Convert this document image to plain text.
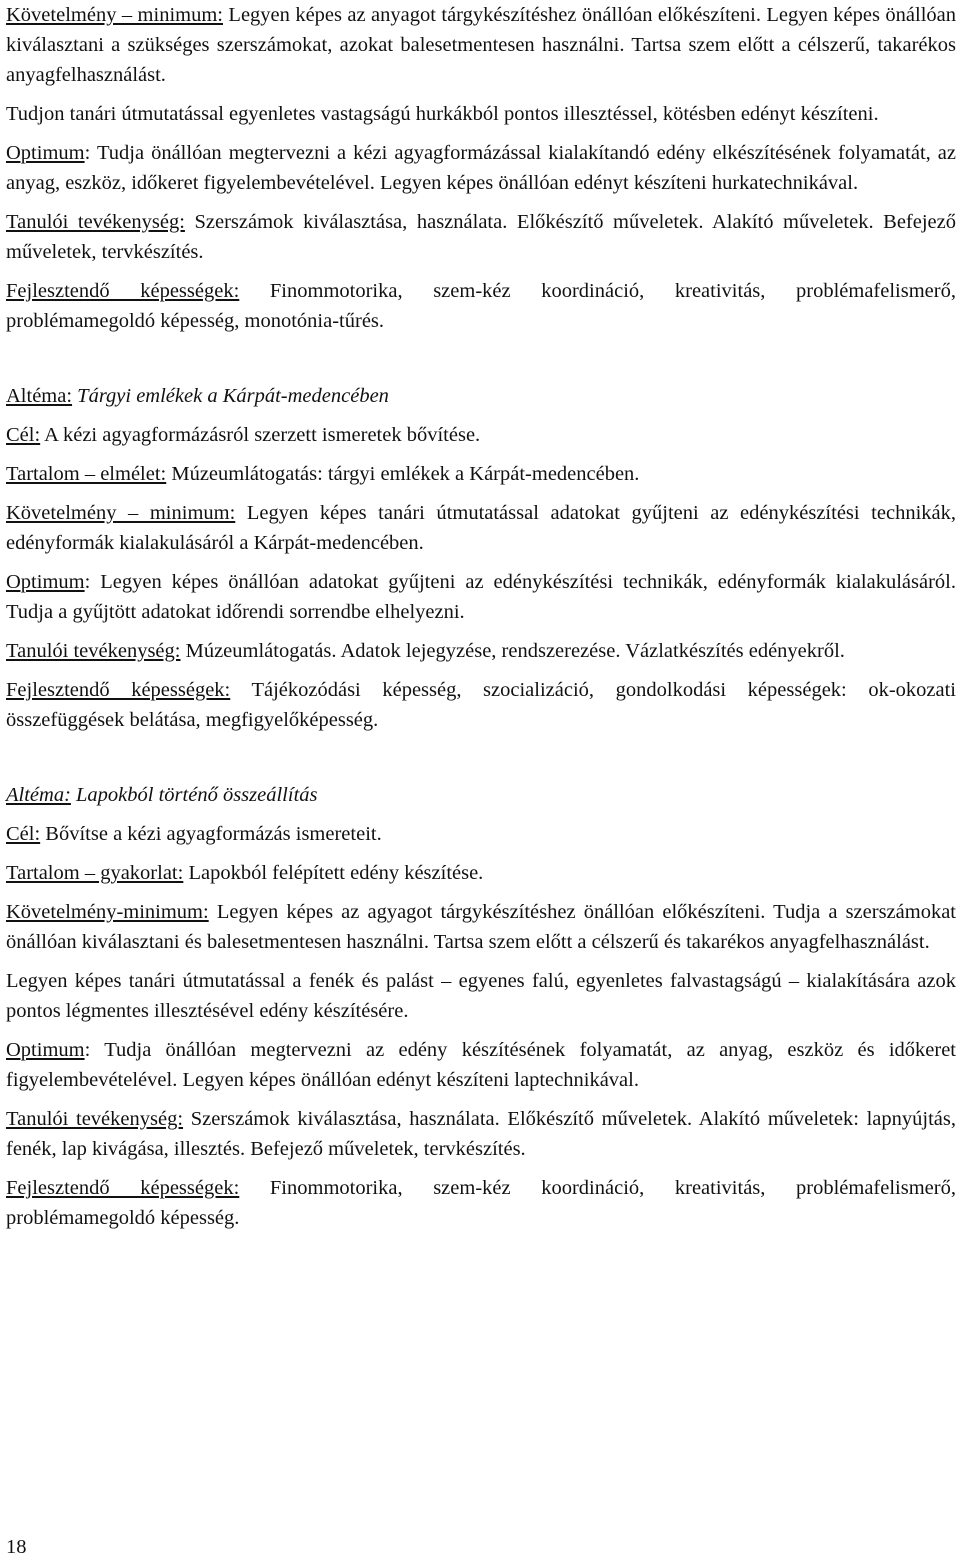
Követelmény – minimum: Legyen képes az anyagot tárgykészítéshez önállóan előkészíteni. Legyen képes önállóan kiválasztani a szükséges szerszámokat, azokat balesetmentesen használni. Tartsa szem előtt a célszerű, takarékos anyagfelhasználást.

Tudjon tanári útmutatással egyenletes vastagságú hurkákból pontos illesztéssel, kötésben edényt készíteni.

Optimum: Tudja önállóan megtervezni a kézi agyagformázással kialakítandó edény elkészítésének folyamatát, az anyag, eszköz, időkeret figyelembevételével. Legyen képes önállóan edényt készíteni hurkatechnikával.

Tanulói tevékenység: Szerszámok kiválasztása, használata. Előkészítő műveletek. Alakító műveletek. Befejező műveletek, tervkészítés.

Fejlesztendő képességek: Finommotorika, szem-kéz koordináció, kreativitás, problémafelismerő, problémamegoldó képesség, monotónia-tűrés.

Altéma: Tárgyi emlékek a Kárpát-medencében

Cél: A kézi agyagformázásról szerzett ismeretek bővítése.

Tartalom – elmélet: Múzeumlátogatás: tárgyi emlékek a Kárpát-medencében.

Követelmény – minimum: Legyen képes tanári útmutatással adatokat gyűjteni az edénykészítési technikák, edényformák kialakulásáról a Kárpát-medencében.

Optimum: Legyen képes önállóan adatokat gyűjteni az edénykészítési technikák, edényformák kialakulásáról. Tudja a gyűjtött adatokat időrendi sorrendbe elhelyezni.

Tanulói tevékenység: Múzeumlátogatás. Adatok lejegyzése, rendszerezése. Vázlatkészítés edényekről.

Fejlesztendő képességek: Tájékozódási képesség, szocializáció, gondolkodási képességek: ok-okozati összefüggések belátása, megfigyelőképesség.

Altéma: Lapokból történő összeállítás

Cél: Bővítse a kézi agyagformázás ismereteit.

Tartalom – gyakorlat: Lapokból felépített edény készítése.

Követelmény-minimum: Legyen képes az agyagot tárgykészítéshez önállóan előkészíteni. Tudja a szerszámokat önállóan kiválasztani és balesetmentesen használni. Tartsa szem előtt a célszerű és takarékos anyagfelhasználást.

Legyen képes tanári útmutatással a fenék és palást – egyenes falú, egyenletes falvastagságú – kialakítására azok pontos légmentes illesztésével edény készítésére.

Optimum: Tudja önállóan megtervezni az edény készítésének folyamatát, az anyag, eszköz és időkeret figyelembevételével. Legyen képes önállóan edényt készíteni laptechnikával.

Tanulói tevékenység: Szerszámok kiválasztása, használata. Előkészítő műveletek. Alakító műveletek: lapnyújtás, fenék, lap kivágása, illesztés. Befejező műveletek, tervkészítés.

Fejlesztendő képességek: Finommotorika, szem-kéz koordináció, kreativitás, problémafelismerő, problémamegoldó képesség.

18
